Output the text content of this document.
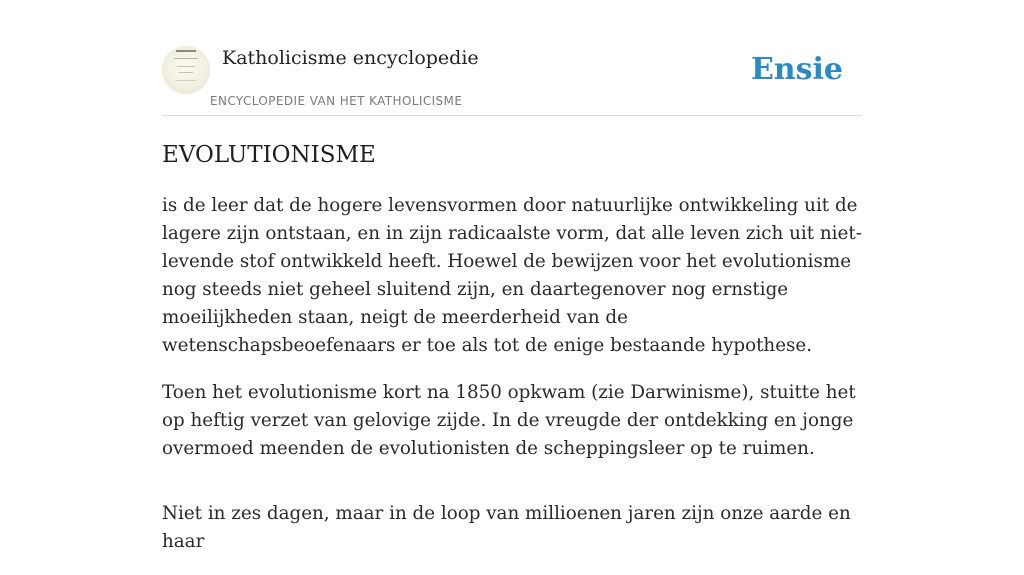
Katholicisme encyclopedie
ENCYCLOPEDIE VAN HET KATHOLICISME
Ensie
EVOLUTIONISME

is de leer dat de hogere levensvormen door natuurlijke ontwikkeling uit de lagere zijn ontstaan, en in zijn radicaalste vorm, dat alle leven zich uit niet-levende stof ontwikkeld heeft. Hoewel de bewijzen voor het evolutionisme nog steeds niet geheel sluitend zijn, en daartegenover nog ernstige moeilijkheden staan, neigt de meerderheid van de wetenschapsbeoefenaars er toe als tot de enige bestaande hypothese.

Toen het evolutionisme kort na 1850 opkwam (zie Darwinisme), stuitte het op heftig verzet van gelovige zijde. In de vreugde der ontdekking en jonge overmoed meenden de evolutionisten de scheppingsleer op te ruimen.

Niet in zes dagen, maar in de loop van millioenen jaren zijn onze aarde en haar
